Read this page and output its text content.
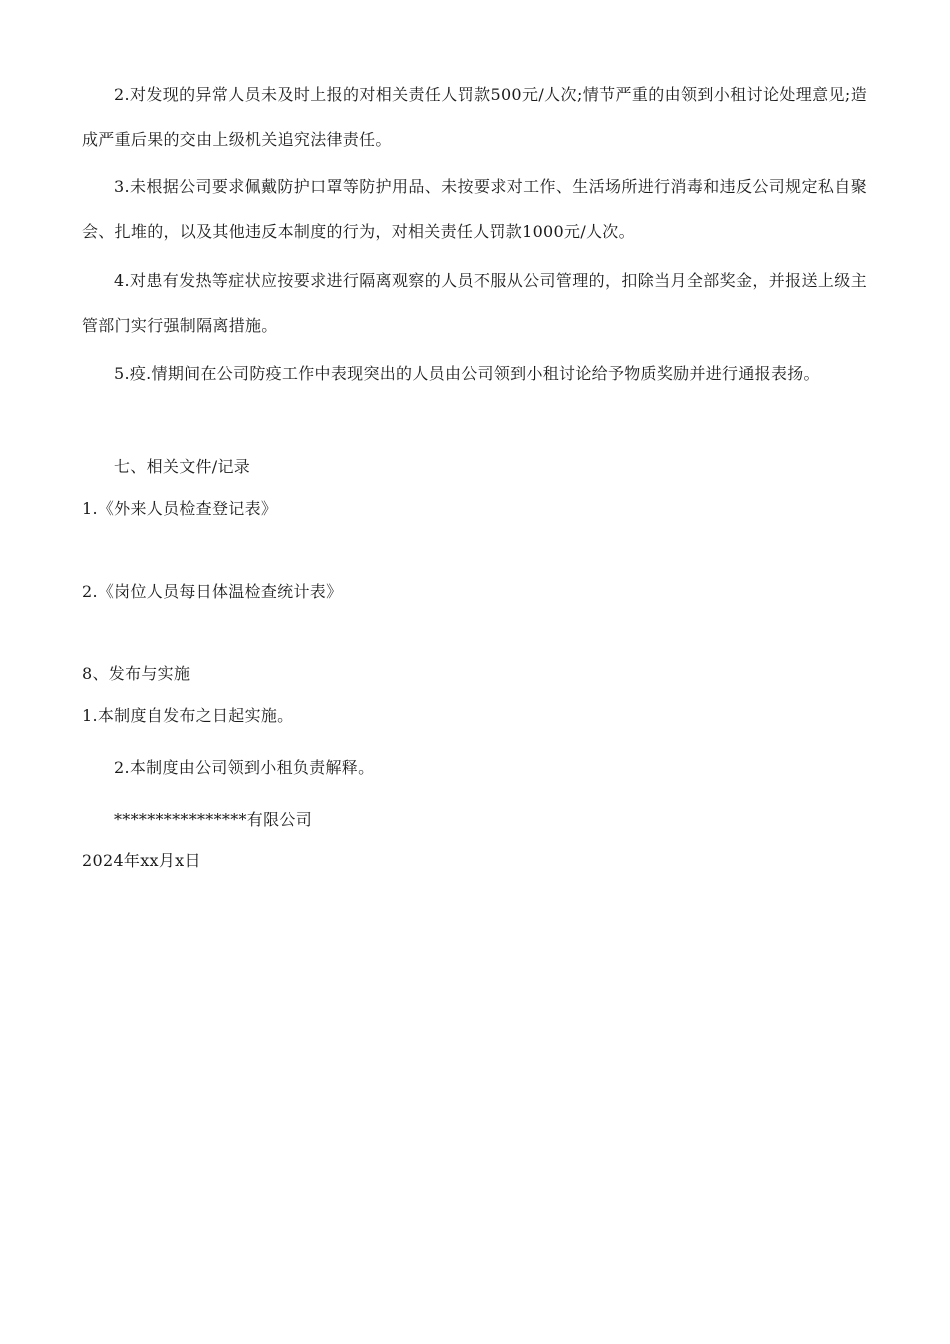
2.对发现的异常人员未及时上报的对相关责任人罚款500元/人次;情节严重的由领到小租讨论处理意见;造成严重后果的交由上级机关追究法律责任。

3.未根据公司要求佩戴防护口罩等防护用品、未按要求对工作、生活场所进行消毒和违反公司规定私自聚会、扎堆的，以及其他违反本制度的行为，对相关责任人罚款1000元/人次。

4.对患有发热等症状应按要求进行隔离观察的人员不服从公司管理的，扣除当月全部奖金，并报送上级主管部门实行强制隔离措施。

5.疫.情期间在公司防疫工作中表现突出的人员由公司领到小租讨论给予物质奖励并进行通报表扬。

七、相关文件/记录

1.《外来人员检查登记表》

2.《岗位人员每日体温检查统计表》

8、发布与实施

1.本制度自发布之日起实施。

2.本制度由公司领到小租负责解释。

****************有限公司

2024年xx月x日
